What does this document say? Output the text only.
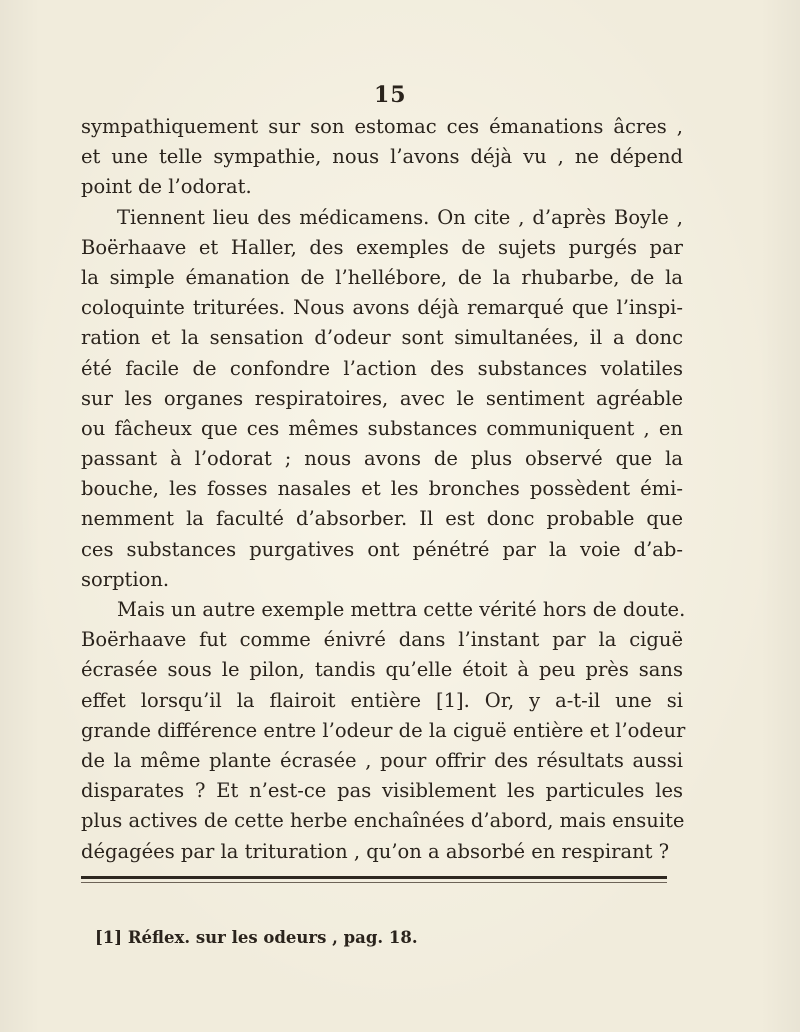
15
sympathiquement sur son estomac ces émanations âcres ,
et une telle sympathie, nous l’avons déjà vu , ne dépend
point de l’odorat.
Tiennent lieu des médicamens. On cite , d’après Boyle ,
Boërhaave et Haller, des exemples de sujets purgés par
la simple émanation de l’hellébore, de la rhubarbe, de la
coloquinte triturées. Nous avons déjà remarqué que l’inspi-
ration et la sensation d’odeur sont simultanées, il a donc
été facile de confondre l’action des substances volatiles
sur les organes respiratoires, avec le sentiment agréable
ou fâcheux que ces mêmes substances communiquent , en
passant à l’odorat ; nous avons de plus observé que la
bouche, les fosses nasales et les bronches possèdent émi-
nemment la faculté d’absorber. Il est donc probable que
ces substances purgatives ont pénétré par la voie d’ab-
sorption.
Mais un autre exemple mettra cette vérité hors de doute.
Boërhaave fut comme énivré dans l’instant par la ciguë
écrasée sous le pilon, tandis qu’elle étoit à peu près sans
effet lorsqu’il la flairoit entière [1]. Or, y a-t-il une si
grande différence entre l’odeur de la ciguë entière et l’odeur
de la même plante écrasée , pour offrir des résultats aussi
disparates ? Et n’est-ce pas visiblement les particules les
plus actives de cette herbe enchaînées d’abord, mais ensuite
dégagées par la trituration , qu’on a absorbé en respirant ?
[1] Réflex. sur les odeurs , pag. 18.
